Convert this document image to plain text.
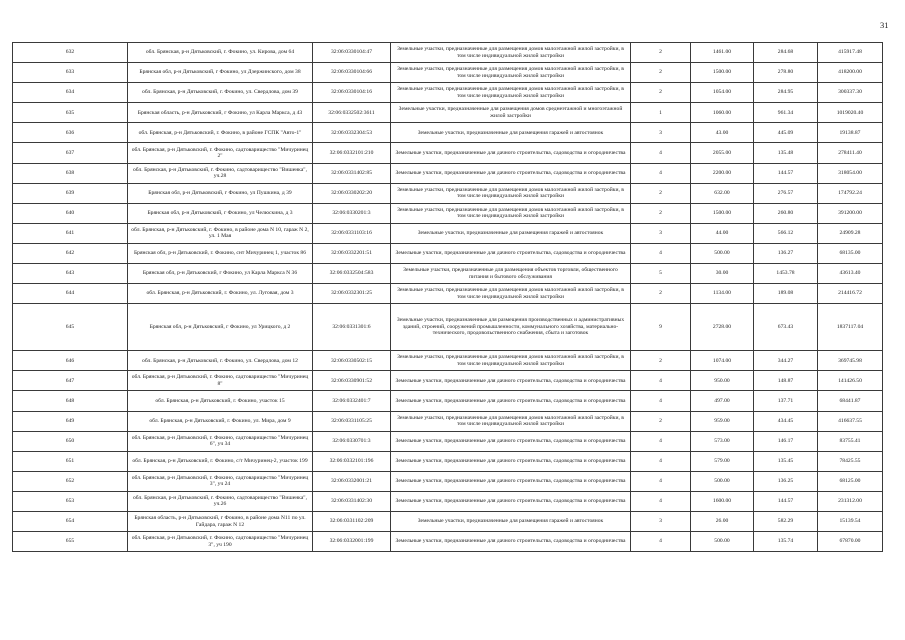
31
632	обл. Брянская, р-н Дятьковский, г. Фокино, ул. Кирова, дом 64	32:06:0330104:47	Земельные участки, предназначенные для размещения домов малоэтажной жилой застройки, в том числе индивидуальной жилой застройки	2	1461.00	284.68	415917.48
633	Брянская обл, р-н Дятьковский, г Фокино, ул Дзержинского, дом 38	32:06:0330104:66	Земельные участки, предназначенные для размещения домов малоэтажной жилой застройки, в том числе индивидуальной жилой застройки	2	1500.00	278.80	418200.00
634	обл. Брянская, р-н Дятьковский, г. Фокино, ул. Свердлова, дом 39	32:06:0330104:16	Земельные участки, предназначенные для размещения домов малоэтажной жилой застройки, в том числе индивидуальной жилой застройки	2	1054.00	284.95	300337.30
635	Брянская область, р-н Дятьковский, г Фокино, ул Карла Маркса, д 43	32:06:0332502:3611	Земельные участки, предназначенные для размещения домов среднеэтажной и многоэтажной жилой застройки	1	1060.00	961.34	1019020.40
636	обл. Брянская, р-н Дятьковский, г. Фокино, в районе ГСПК "Авто-1"	32:06:0332304:53	Земельные участки, предназначенные для размещения гаражей и автостоянок	3	43.00	445.09	19138.87
637	обл. Брянская, р-н Дятьковский, г. Фокино, садтоварищество "Мичуринец 2"	32:06:0332101:210	Земельные участки, предназначенные для дачного строительства, садоводства и огородничества	4	2055.00	135.48	278411.40
638	обл. Брянская, р-н Дятьковский, г. Фокино, садтоварищество "Вишенка", уч.28	32:06:0331402:85	Земельные участки, предназначенные для дачного строительства, садоводства и огородничества	4	2200.00	144.57	318054.00
639	Брянская обл, р-н Дятьковский, г Фокино, ул Пушкина, д 39	32:06:0330202:20	Земельные участки, предназначенные для размещения домов малоэтажной жилой застройки, в том числе индивидуальной жилой застройки	2	632.00	276.57	174792.24
640	Брянская обл, р-н Дятьковский, г Фокино, ул Челюскина, д 3	32:06:0330201:3	Земельные участки, предназначенные для размещения домов малоэтажной жилой застройки, в том числе индивидуальной жилой застройки	2	1500.00	260.80	391200.00
641	обл. Брянская, р-н Дятьковский, г. Фокино, в районе дома N 10, гараж N 2, ул. 1 Мая	32:06:0331103:16	Земельные участки, предназначенные для размещения гаражей и автостоянок	3	44.00	566.12	24909.28
642	Брянская обл, р-н Дятьковский, г. Фокино, снт Мичуринец 1, участок 86	32:06:0332201:51	Земельные участки, предназначенные для дачного строительства, садоводства и огородничества	4	500.00	136.27	68135.00
643	Брянская обл, р-н Дятьковский, г Фокино, ул Карла Маркса N 36	32:06:0332504:583	Земельные участки, предназначенные для размещения объектов торговли, общественного питания и бытового обслуживания	5	30.00	1453.78	43613.40
644	обл. Брянская, р-н Дятьковский, г. Фокино, ул. Луговая, дом 3	32:06:0332301:25	Земельные участки, предназначенные для размещения домов малоэтажной жилой застройки, в том числе индивидуальной жилой застройки	2	1134.00	189.08	214416.72
645	Брянская обл, р-н Дятьковский, г Фокино, ул Урицкого, д 2	32:06:0331301:6	Земельные участки, предназначенные для размещения производственных и административных зданий, строений, сооружений промышленности, коммунального хозяйства, материально-технического, продовольственного снабжения, сбыта и заготовок	9	2728.00	673.43	1837117.04
646	обл. Брянская, р-н Дятьковский, г. Фокино, ул. Свердлова, дом 12	32:06:0330502:15	Земельные участки, предназначенные для размещения домов малоэтажной жилой застройки, в том числе индивидуальной жилой застройки	2	1074.00	344.27	369745.98
647	обл. Брянская, р-н Дятьковский, г. Фокино, садтоварищество "Мичуринец 8"	32:06:0330901:52	Земельные участки, предназначенные для дачного строительства, садоводства и огородничества	4	950.00	148.87	141426.50
648	обл. Брянская, р-н Дятьковский, г. Фокино, участок 15	32:06:0332401:7	Земельные участки, предназначенные для дачного строительства, садоводства и огородничества	4	497.00	137.71	68441.87
649	обл. Брянская, р-н Дятьковский, г. Фокино, ул. Мира, дом 9	32:06:0331105:25	Земельные участки, предназначенные для размещения домов малоэтажной жилой застройки, в том числе индивидуальной жилой застройки	2	959.00	434.45	416637.55
650	обл. Брянская, р-н Дятьковский, г. Фокино, садтоварищество "Мичуринец 6", уч 34	32:06:0330701:3	Земельные участки, предназначенные для дачного строительства, садоводства и огородничества	4	573.00	146.17	83755.41
651	обл. Брянская, р-н Дятьковский, г. Фокино, с/т Мичуринец-2, участок 199	32:06:0332101:196	Земельные участки, предназначенные для дачного строительства, садоводства и огородничества	4	579.00	135.45	78425.55
652	обл. Брянская, р-н Дятьковский, г. Фокино, садтоварищество "Мичуринец 3", уч 24	32:06:0332001:21	Земельные участки, предназначенные для дачного строительства, садоводства и огородничества	4	500.00	136.25	68125.00
653	обл. Брянская, р-н Дятьковский, г. Фокино, садтоварищество "Вишенка", уч.26	32:06:0331402:30	Земельные участки, предназначенные для дачного строительства, садоводства и огородничества	4	1600.00	144.57	231312.00
654	Брянская область, р-н Дятьковский, г Фокино, в районе дома N11 по ул. Гайдара, гараж N 12	32:06:0331102:209	Земельные участки, предназначенные для размещения гаражей и автостоянок	3	26.00	582.29	15139.54
655	обл. Брянская, р-н Дятьковский, г. Фокино, садтоварищество "Мичуринец 3", уч 190	32:06:0332001:199	Земельные участки, предназначенные для дачного строительства, садоводства и огородничества	4	500.00	135.74	67870.00
